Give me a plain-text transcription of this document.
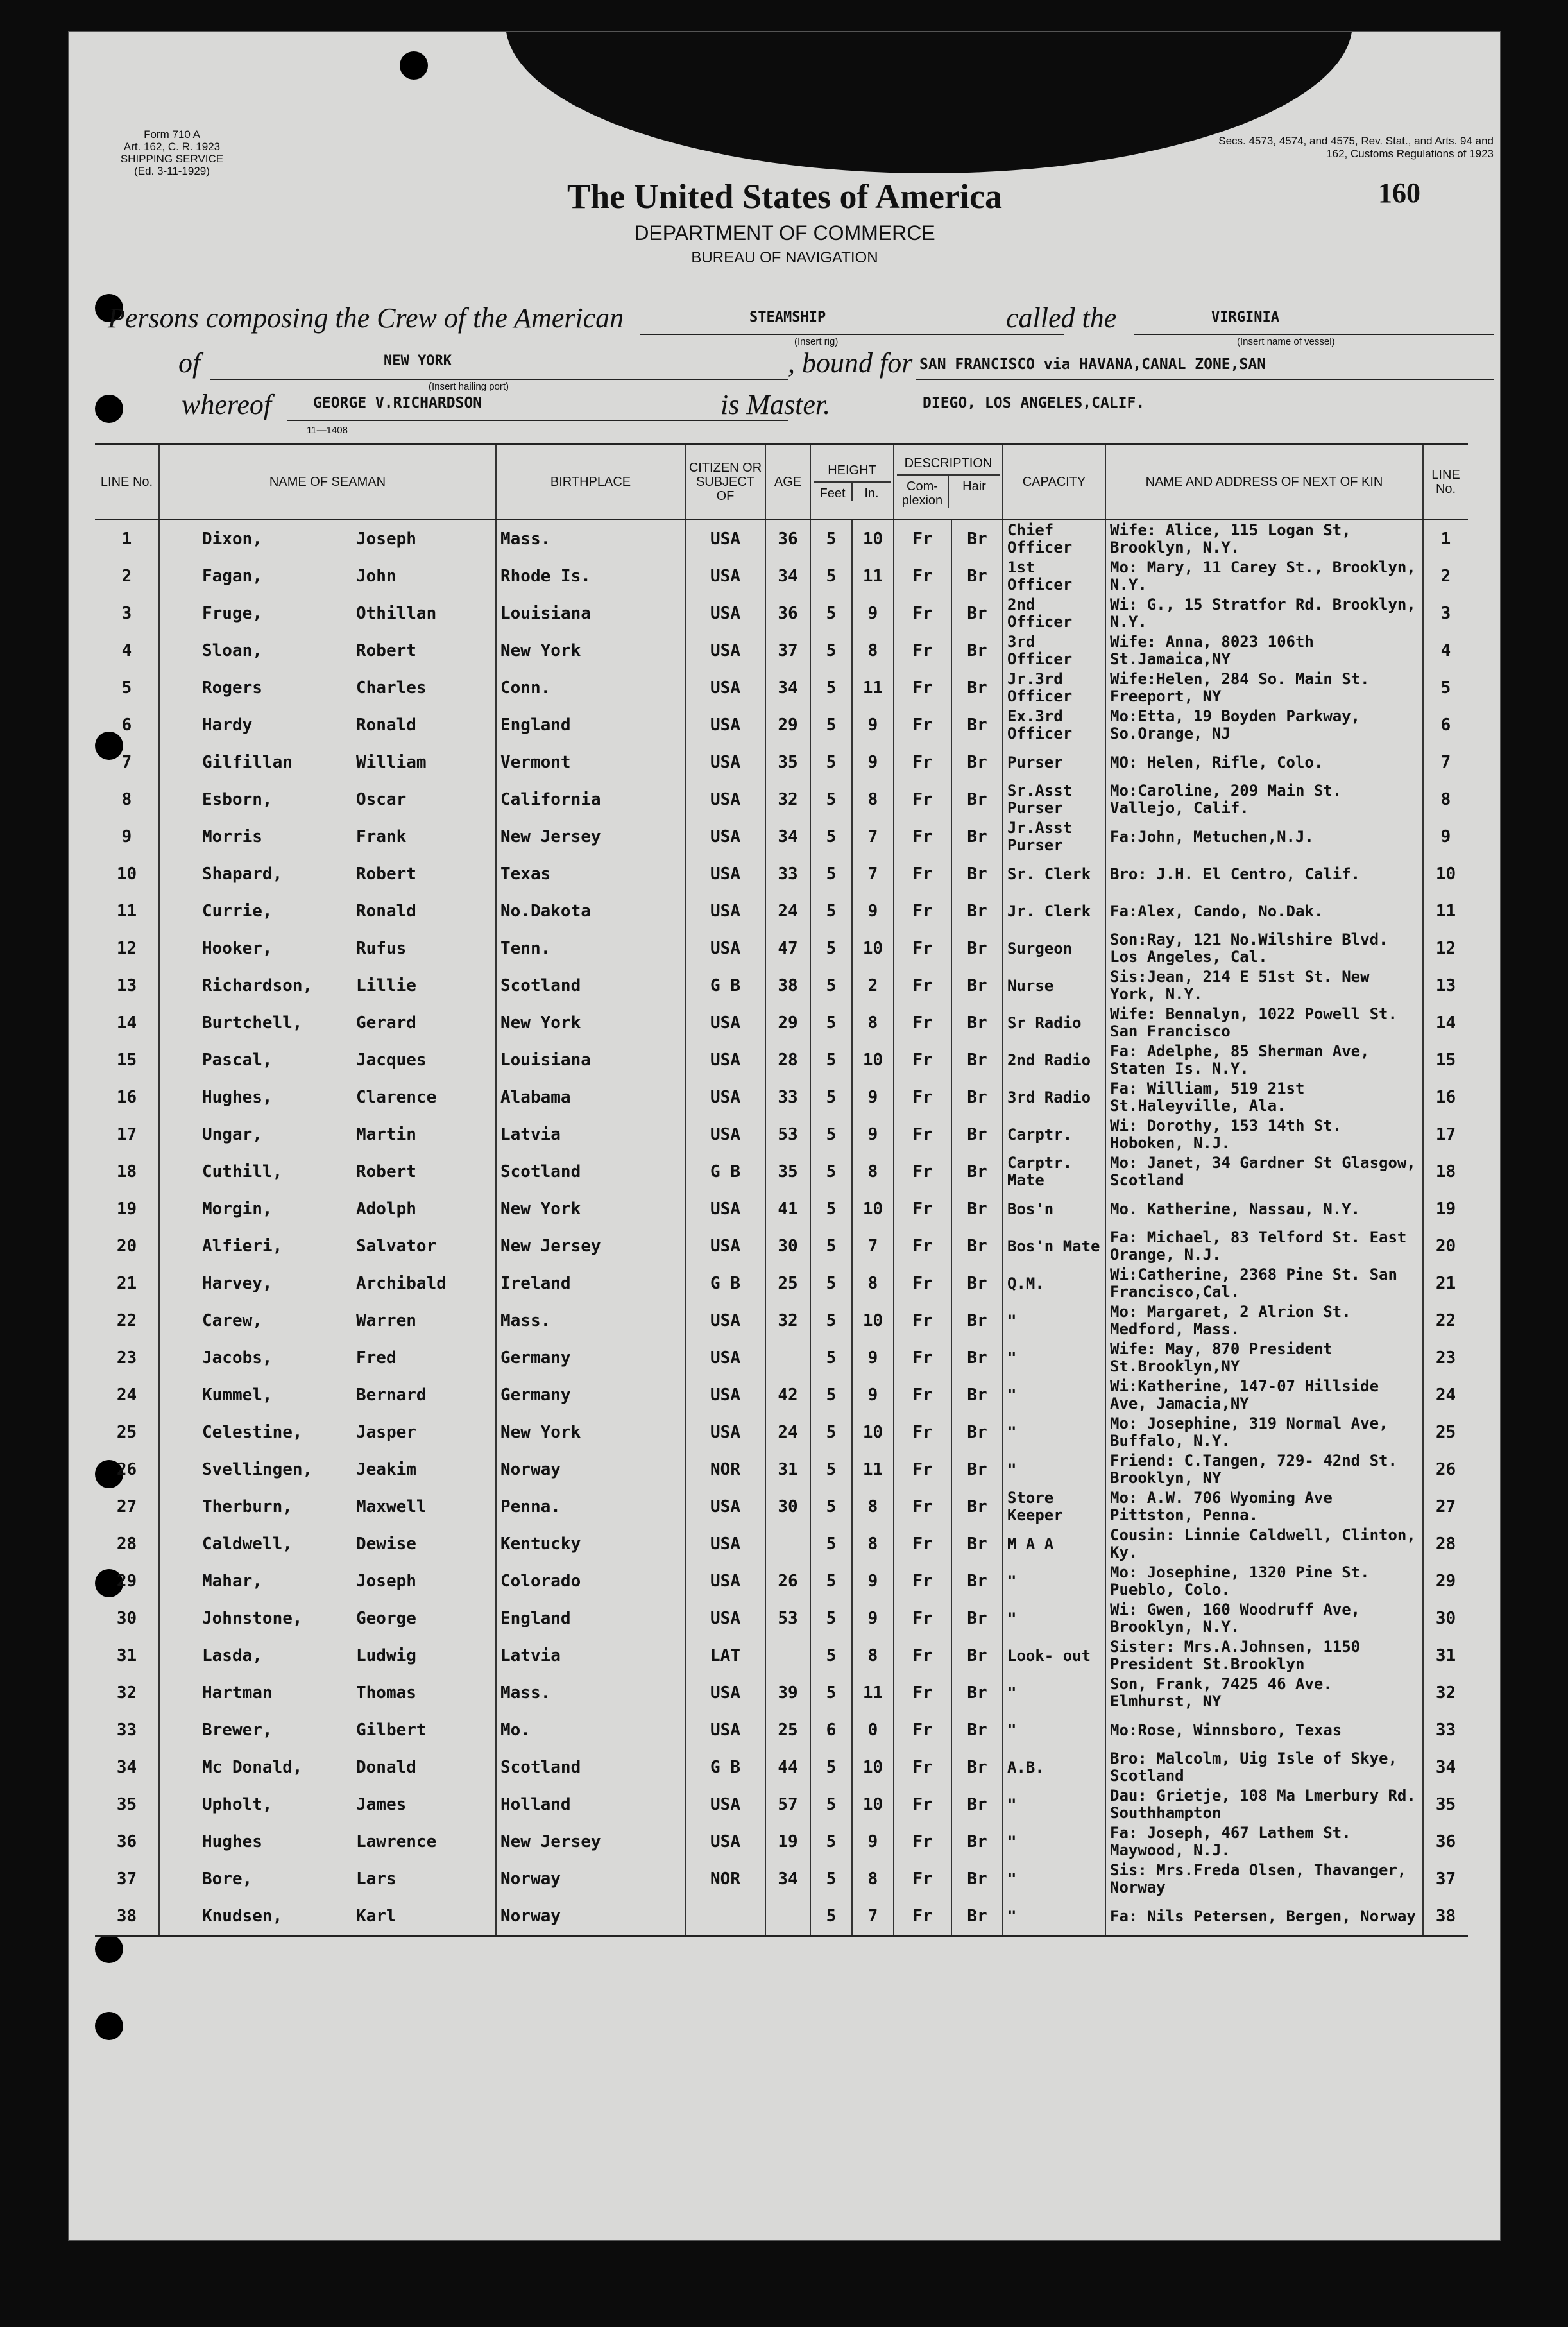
Form 710 A
Art. 162, C. R. 1923
SHIPPING SERVICE
(Ed. 3-11-1929)
Secs. 4573, 4574, and 4575, Rev. Stat., and Arts. 94 and 162, Customs Regulations of 1923
160
The United States of America
DEPARTMENT OF COMMERCE
BUREAU OF NAVIGATION
Persons composing the Crew of the American	STEAMSHIP
(Insert rig)
called the	VIRGINIA
(Insert name of vessel)
of	NEW YORK
(Insert hailing port)
, bound for SAN FRANCISCO via HAVANA,CANAL ZONE,SAN
whereof	GEORGE V.RICHARDSON
11—1408
is Master.	DIEGO, LOS ANGELES,CALIF.
LINE No.	NAME OF SEAMAN	BIRTHPLACE	CITIZEN OR SUBJECT OF	AGE	HEIGHT
Feet In.		DESCRIPTION
Com- plexion
Hair		CAPACITY	NAME AND ADDRESS OF NEXT OF KIN	LINE No.
1	Dixon, Joseph	Mass.	USA	36	5	10	Fr	Br	Chief Officer	Wife: Alice, 115 Logan St, Brooklyn, N.Y.	1
2	Fagan, John	Rhode Is.	USA	34	5	11	Fr	Br	1st Officer	Mo: Mary, 11 Carey St., Brooklyn, N.Y.	2
3	Fruge, Othillan	Louisiana	USA	36	5	9	Fr	Br	2nd Officer	Wi: G., 15 Stratfor Rd. Brooklyn, N.Y.	3
4	Sloan, Robert	New York	USA	37	5	8	Fr	Br	3rd Officer	Wife: Anna, 8023 106th St.Jamaica,NY	4
5	Rogers Charles	Conn.	USA	34	5	11	Fr	Br	Jr.3rd Officer	Wife:Helen, 284 So. Main St. Freeport, NY	5
6	Hardy Ronald	England	USA	29	5	9	Fr	Br	Ex.3rd Officer	Mo:Etta, 19 Boyden Parkway, So.Orange, NJ	6
7	Gilfillan William	Vermont	USA	35	5	9	Fr	Br	Purser	MO: Helen, Rifle, Colo.	7
8	Esborn, Oscar	California	USA	32	5	8	Fr	Br	Sr.Asst Purser	Mo:Caroline, 209 Main St. Vallejo, Calif.	8
9	Morris Frank	New Jersey	USA	34	5	7	Fr	Br	Jr.Asst Purser	Fa:John, Metuchen,N.J.	9
10	Shapard, Robert	Texas	USA	33	5	7	Fr	Br	Sr. Clerk	Bro: J.H. El Centro, Calif.	10
11	Currie, Ronald	No.Dakota	USA	24	5	9	Fr	Br	Jr. Clerk	Fa:Alex, Cando, No.Dak.	11
12	Hooker, Rufus	Tenn.	USA	47	5	10	Fr	Br	Surgeon	Son:Ray, 121 No.Wilshire Blvd. Los Angeles, Cal.	12
13	Richardson, Lillie	Scotland	G B	38	5	2	Fr	Br	Nurse	Sis:Jean, 214 E 51st St. New York, N.Y.	13
14	Burtchell, Gerard	New York	USA	29	5	8	Fr	Br	Sr Radio	Wife: Bennalyn, 1022 Powell St. San Francisco	14
15	Pascal, Jacques	Louisiana	USA	28	5	10	Fr	Br	2nd Radio	Fa: Adelphe, 85 Sherman Ave, Staten Is. N.Y.	15
16	Hughes, Clarence	Alabama	USA	33	5	9	Fr	Br	3rd Radio	Fa: William, 519 21st St.Haleyville, Ala.	16
17	Ungar, Martin	Latvia	USA	53	5	9	Fr	Br	Carptr.	Wi: Dorothy, 153 14th St. Hoboken, N.J.	17
18	Cuthill, Robert	Scotland	G B	35	5	8	Fr	Br	Carptr. Mate	Mo: Janet, 34 Gardner St Glasgow, Scotland	18
19	Morgin, Adolph	New York	USA	41	5	10	Fr	Br	Bos'n	Mo. Katherine, Nassau, N.Y.	19
20	Alfieri, Salvator	New Jersey	USA	30	5	7	Fr	Br	Bos'n Mate	Fa: Michael, 83 Telford St. East Orange, N.J.	20
21	Harvey, Archibald	Ireland	G B	25	5	8	Fr	Br	Q.M.	Wi:Catherine, 2368 Pine St. San Francisco,Cal.	21
22	Carew, Warren	Mass.	USA	32	5	10	Fr	Br	"	Mo: Margaret, 2 Alrion St. Medford, Mass.	22
23	Jacobs, Fred	Germany	USA		5	9	Fr	Br	"	Wife: May, 870 President St.Brooklyn,NY	23
24	Kummel, Bernard	Germany	USA	42	5	9	Fr	Br	"	Wi:Katherine, 147-07 Hillside Ave, Jamacia,NY	24
25	Celestine, Jasper	New York	USA	24	5	10	Fr	Br	"	Mo: Josephine, 319 Normal Ave, Buffalo, N.Y.	25
26	Svellingen, Jeakim	Norway	NOR	31	5	11	Fr	Br	"	Friend: C.Tangen, 729- 42nd St. Brooklyn, NY	26
27	Therburn, Maxwell	Penna.	USA	30	5	8	Fr	Br	Store Keeper	Mo: A.W. 706 Wyoming Ave Pittston, Penna.	27
28	Caldwell, Dewise	Kentucky	USA		5	8	Fr	Br	M A A	Cousin: Linnie Caldwell, Clinton, Ky.	28
29	Mahar, Joseph	Colorado	USA	26	5	9	Fr	Br	"	Mo: Josephine, 1320 Pine St. Pueblo, Colo.	29
30	Johnstone, George	England	USA	53	5	9	Fr	Br	"	Wi: Gwen, 160 Woodruff Ave, Brooklyn, N.Y.	30
31	Lasda, Ludwig	Latvia	LAT		5	8	Fr	Br	Look- out	Sister: Mrs.A.Johnsen, 1150 President St.Brooklyn	31
32	Hartman Thomas	Mass.	USA	39	5	11	Fr	Br	"	Son, Frank, 7425 46 Ave. Elmhurst, NY	32
33	Brewer, Gilbert	Mo.	USA	25	6	0	Fr	Br	"	Mo:Rose, Winnsboro, Texas	33
34	Mc Donald, Donald	Scotland	G B	44	5	10	Fr	Br	A.B.	Bro: Malcolm, Uig Isle of Skye, Scotland	34
35	Upholt, James	Holland	USA	57	5	10	Fr	Br	"	Dau: Grietje, 108 Ma Lmerbury Rd. Southhampton	35
36	Hughes Lawrence	New Jersey	USA	19	5	9	Fr	Br	"	Fa: Joseph, 467 Lathem St. Maywood, N.J.	36
37	Bore, Lars	Norway	NOR	34	5	8	Fr	Br	"	Sis: Mrs.Freda Olsen, Thavanger, Norway	37
38	Knudsen, Karl	Norway			5	7	Fr	Br	"	Fa: Nils Petersen, Bergen, Norway	38
